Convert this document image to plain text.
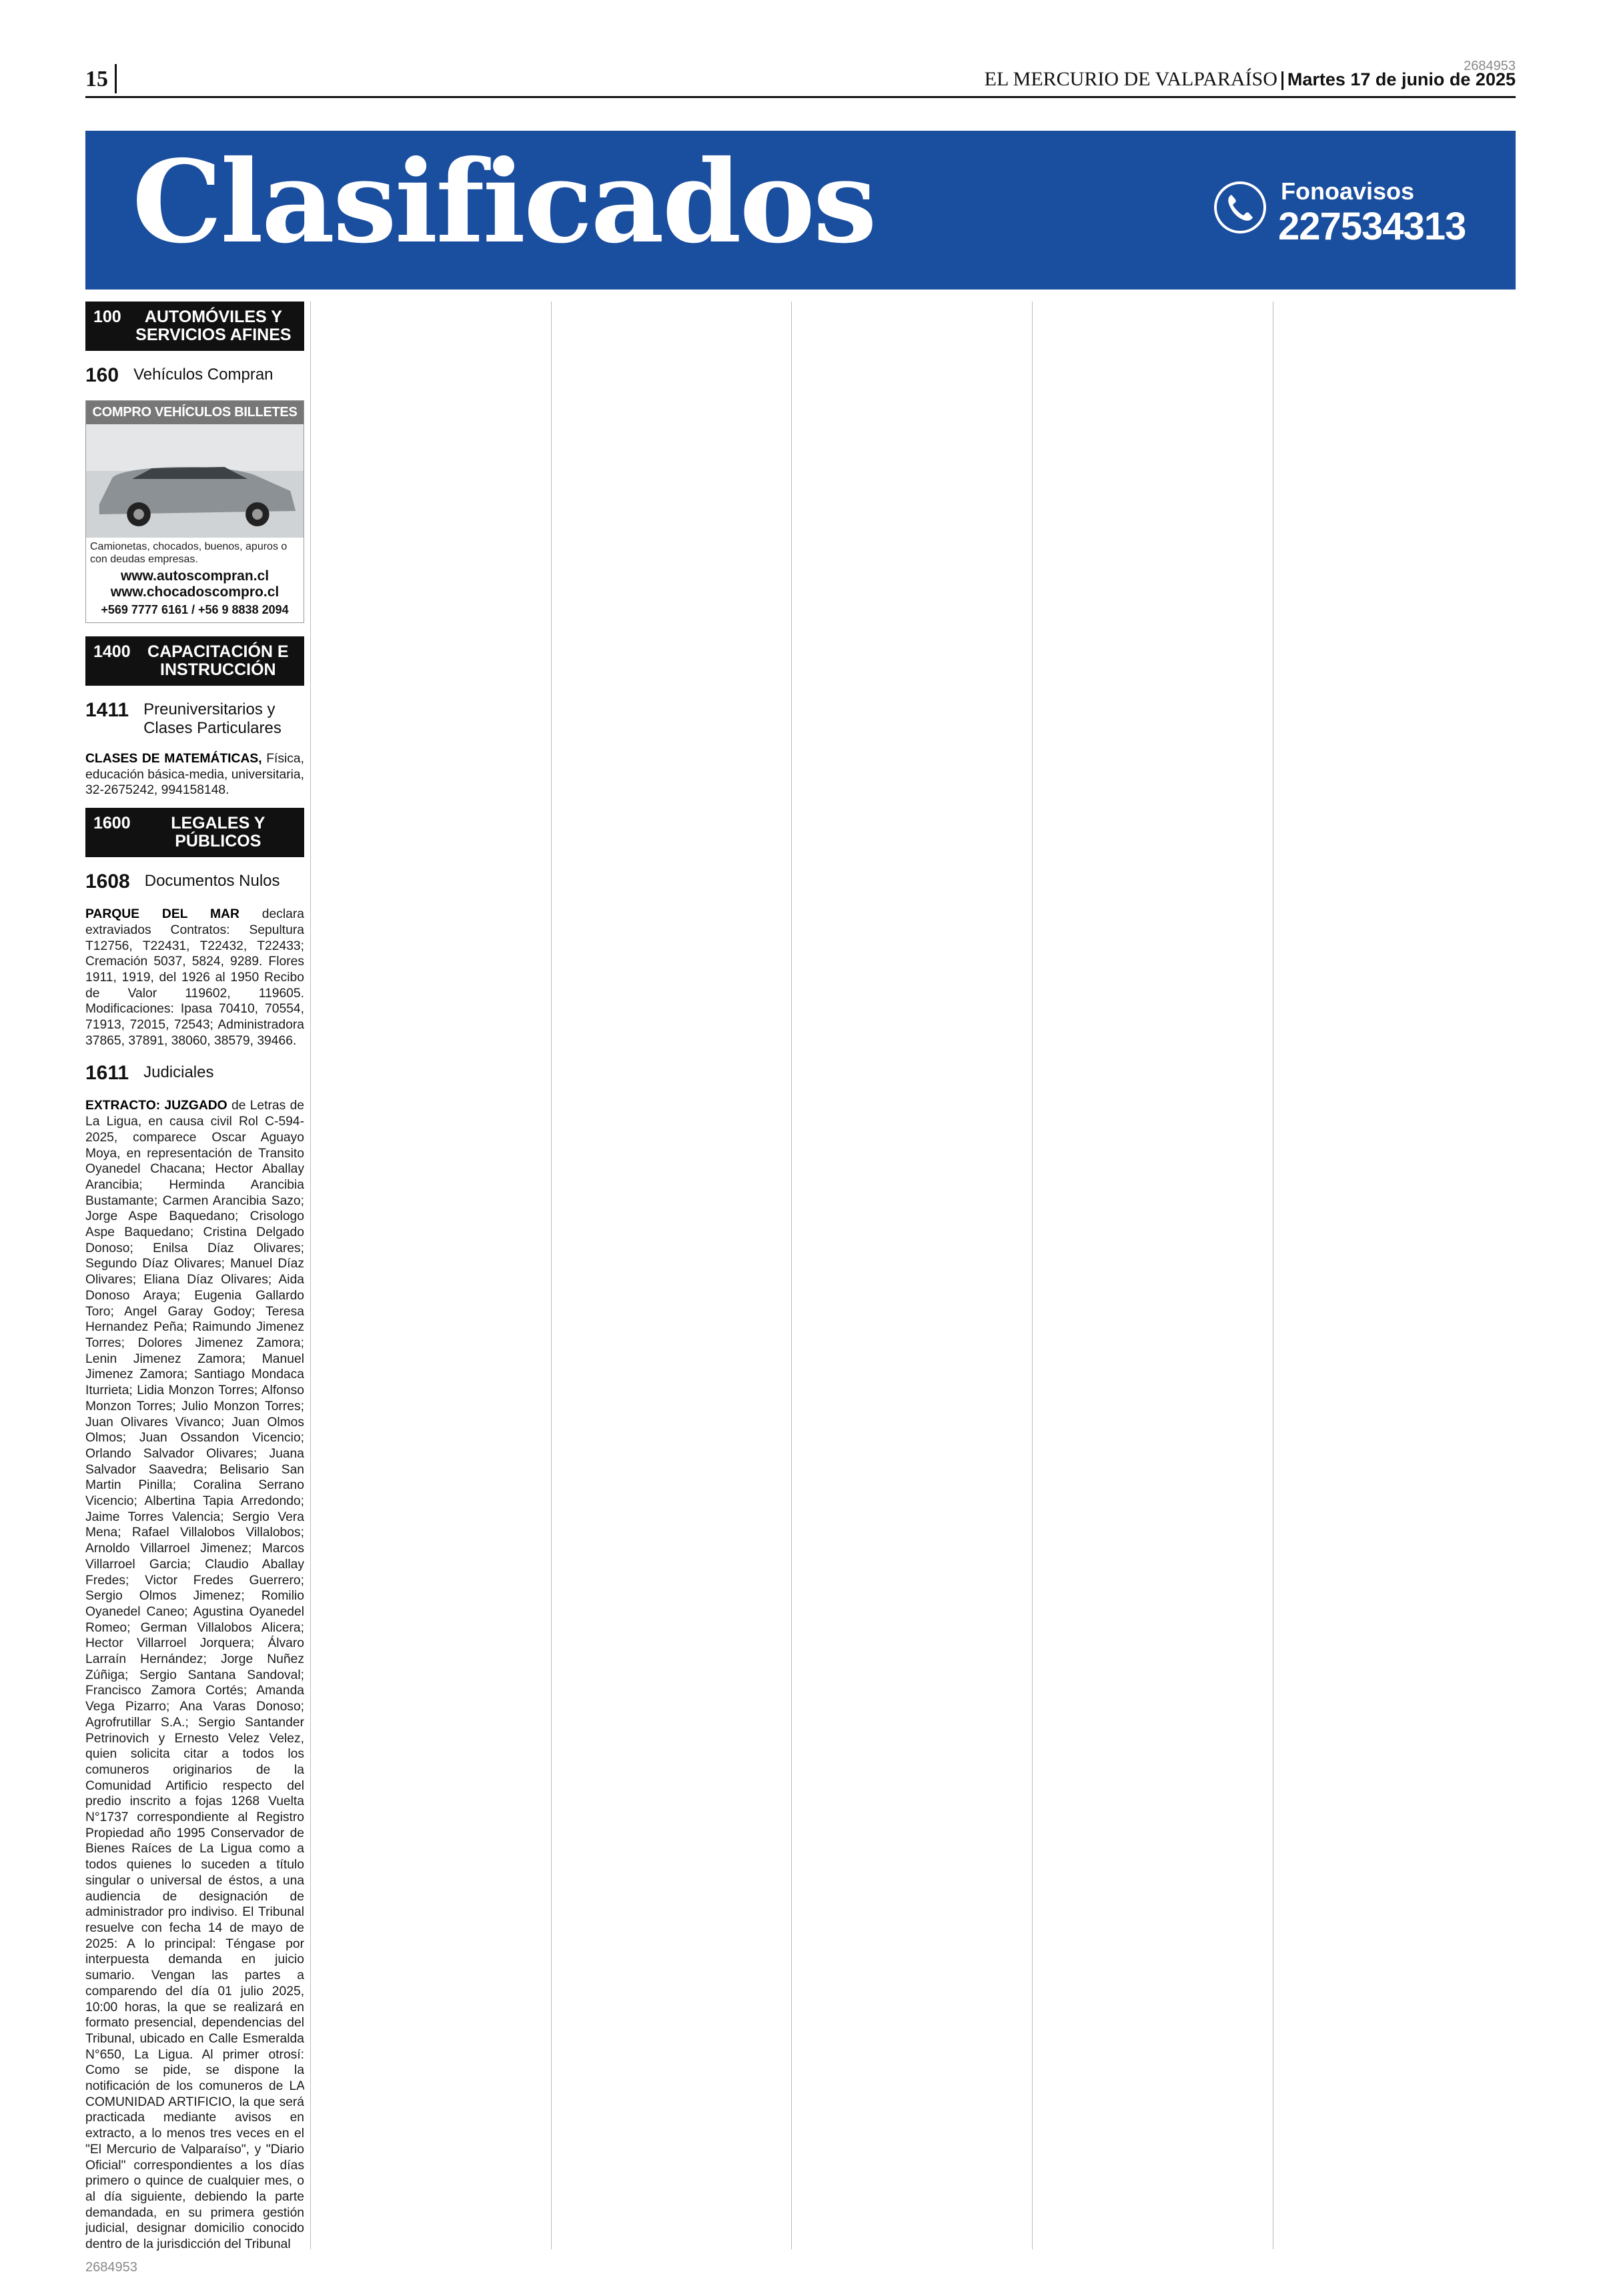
15	EL MERCURIO DE VALPARAÍSO Martes 17 de junio de 2025
2684953
Clasificados	Fonoavisos
227534313
100	AUTOMÓVILES Y SERVICIOS AFINES
160 Vehículos Compran
COMPRO VEHÍCULOS BILLETES
Camionetas, chocados, buenos, apuros o con deudas empresas.
www.autoscompran.cl
www.chocadoscompro.cl
+569 7777 6161 / +56 9 8838 2094
1400	CAPACITACIÓN E INSTRUCCIÓN
1411 Preuniversitarios y Clases Particulares

CLASES DE MATEMÁTICAS, Física, educación básica-media, universitaria, 32-2675242, 994158148.

1600	LEGALES Y PÚBLICOS
1608 Documentos Nulos

PARQUE DEL MAR declara extraviados Contratos: Sepultura T12756, T22431, T22432, T22433; Cremación 5037, 5824, 9289. Flores 1911, 1919, del 1926 al 1950 Recibo de Valor 119602, 119605. Modificaciones: Ipasa 70410, 70554, 71913, 72015, 72543; Administradora 37865, 37891, 38060, 38579, 39466.

1611 Judiciales

EXTRACTO: JUZGADO de Letras de La Ligua, en causa civil Rol C-594-2025, comparece Oscar Aguayo Moya, en representación de Transito Oyanedel Chacana; Hector Aballay Arancibia; Herminda Arancibia Bustamante; Carmen Arancibia Sazo; Jorge Aspe Baquedano; Crisologo Aspe Baquedano; Cristina Delgado Donoso; Enilsa Díaz Olivares; Segundo Díaz Olivares; Manuel Díaz Olivares; Eliana Díaz Olivares; Aida Donoso Araya; Eugenia Gallardo Toro; Angel Garay Godoy; Teresa Hernandez Peña; Raimundo Jimenez Torres; Dolores Jimenez Zamora; Lenin Jimenez Zamora; Manuel Jimenez Zamora; Santiago Mondaca Iturrieta; Lidia Monzon Torres; Alfonso Monzon Torres; Julio Monzon Torres; Juan Olivares Vivanco; Juan Olmos Olmos; Juan Ossandon Vicencio; Orlando Salvador Olivares; Juana Salvador Saavedra; Belisario San Martin Pinilla; Coralina Serrano Vicencio; Albertina Tapia Arredondo; Jaime Torres Valencia; Sergio Vera Mena; Rafael Villalobos Villalobos; Arnoldo Villarroel Jimenez; Marcos Villarroel Garcia; Claudio Aballay Fredes; Victor Fredes Guerrero; Sergio Olmos Jimenez; Romilio Oyanedel Caneo; Agustina Oyanedel Romeo; German Villalobos Alicera; Hector Villarroel Jorquera; Álvaro Larraín Hernández; Jorge Nuñez Zúñiga; Sergio Santana Sandoval; Francisco Zamora Cortés; Amanda Vega Pizarro; Ana Varas Donoso; Agrofrutillar S.A.; Sergio Santander Petrinovich y Ernesto Velez Velez, quien solicita citar a todos los comuneros originarios de la Comunidad Artificio respecto del predio inscrito a fojas 1268 Vuelta N°1737 correspondiente al Registro Propiedad año 1995 Conservador de Bienes Raíces de La Ligua como a todos quienes lo suceden a título singular o universal de éstos, a una audiencia de designación de administrador pro indiviso. El Tribunal resuelve con fecha 14 de mayo de 2025: A lo principal: Téngase por interpuesta demanda en juicio sumario. Vengan las partes a comparendo del día 01 julio 2025, 10:00 horas, la que se realizará en formato presencial, dependencias del Tribunal, ubicado en Calle Esmeralda N°650, La Ligua. Al primer otrosí: Como se pide, se dispone la notificación de los comuneros de LA COMUNIDAD ARTIFICIO, la que será practicada mediante avisos en extracto, a lo menos tres veces en el "El Mercurio de Valparaíso", y "Diario Oficial" correspondientes a los días primero o quince de cualquier mes, o al día siguiente, debiendo la parte demandada, en su primera gestión judicial, designar domicilio conocido dentro de la jurisdicción del Tribunal

2684953
